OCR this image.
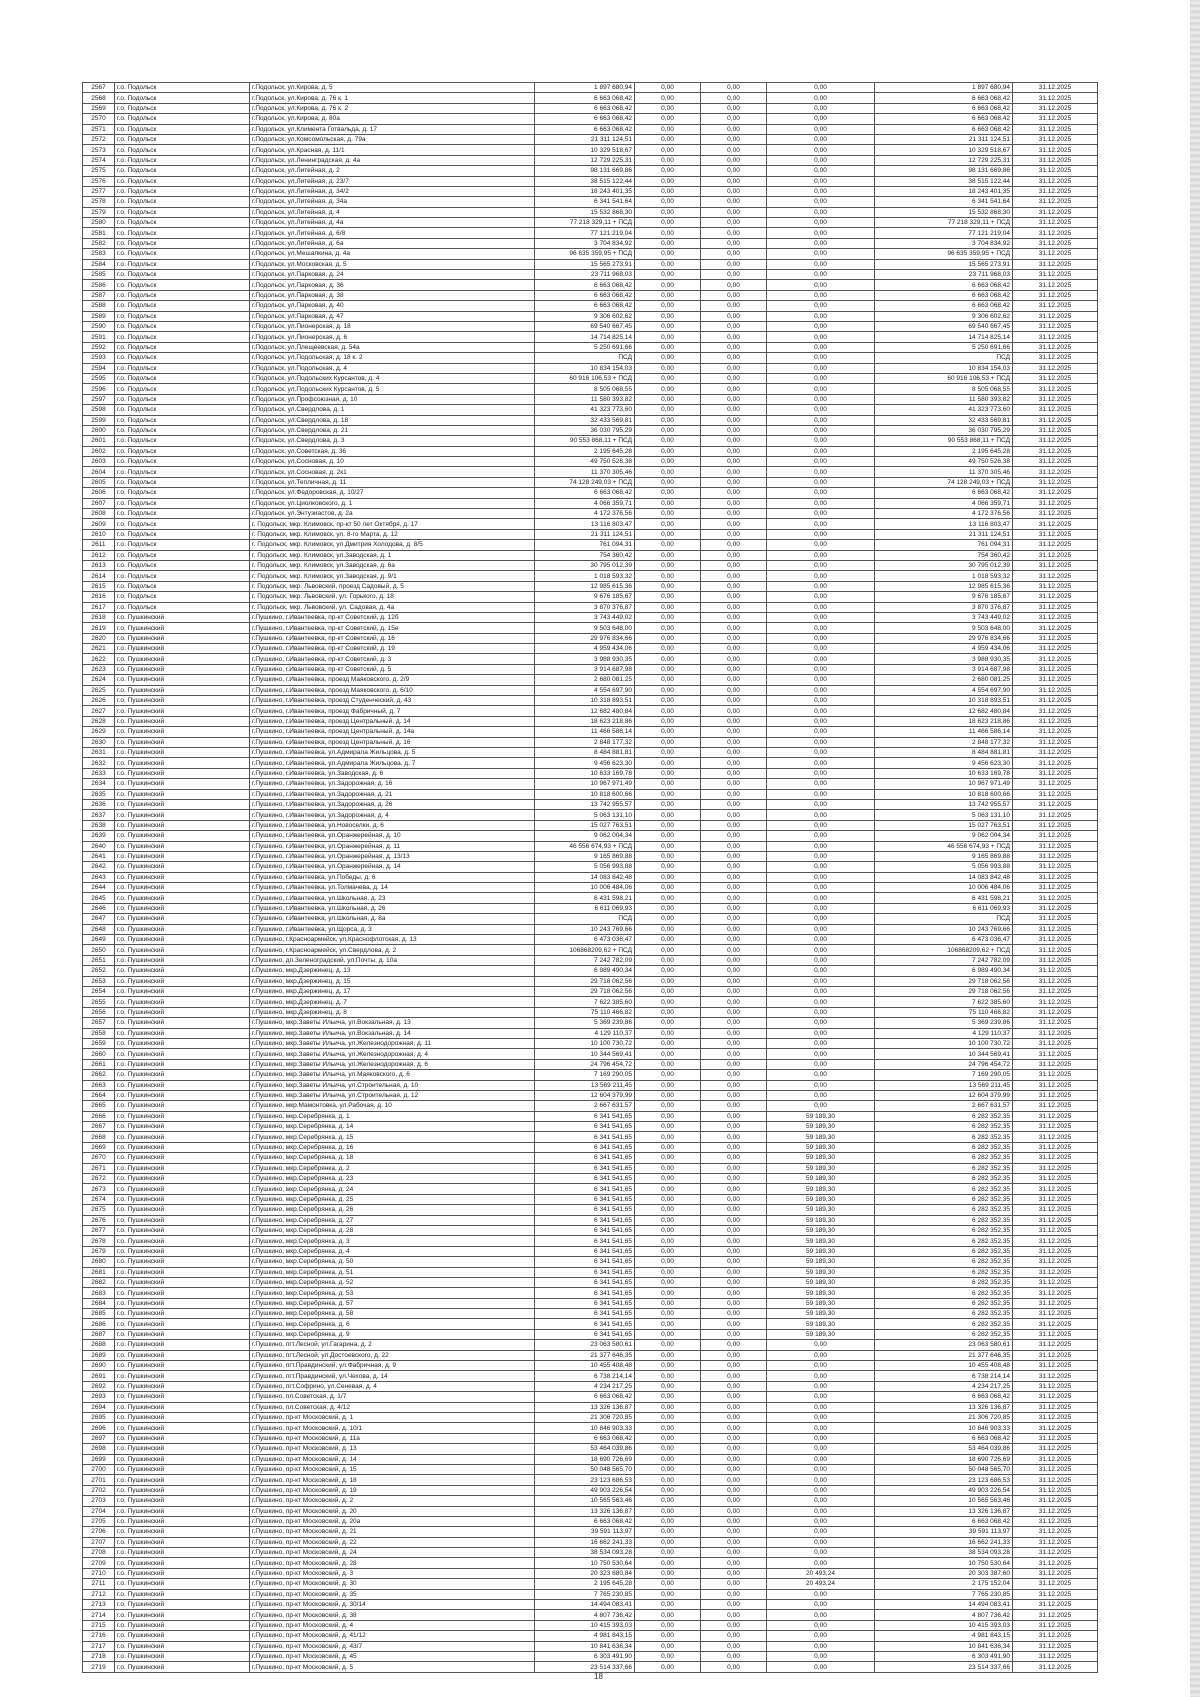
2567	г.о. Подольск	г.Подольск, ул.Кирова, д. 5	1 897 680,94	0,00	0,00	0,00	1 897 680,94	31.12.2025
2568	г.о. Подольск	г.Подольск, ул.Кирова, д. 76 к. 1	6 663 068,42	0,00	0,00	0,00	6 663 068,42	31.12.2025
2569	г.о. Подольск	г.Подольск, ул.Кирова, д. 76 к. 2	6 663 068,42	0,00	0,00	0,00	6 663 068,42	31.12.2025
2570	г.о. Подольск	г.Подольск, ул.Кирова, д. 80а	6 663 068,42	0,00	0,00	0,00	6 663 068,42	31.12.2025
2571	г.о. Подольск	г.Подольск, ул.Климента Готвальда, д. 17	6 663 068,42	0,00	0,00	0,00	6 663 068,42	31.12.2025
2572	г.о. Подольск	г.Подольск, ул.Комсомольская, д. 79а	21 311 124,51	0,00	0,00	0,00	21 311 124,51	31.12.2025
2573	г.о. Подольск	г.Подольск, ул.Красная, д. 11/1	10 329 518,67	0,00	0,00	0,00	10 329 518,67	31.12.2025
2574	г.о. Подольск	г.Подольск, ул.Ленинградская, д. 4а	12 729 225,31	0,00	0,00	0,00	12 729 225,31	31.12.2025
2575	г.о. Подольск	г.Подольск, ул.Литейная, д. 2	98 131 669,86	0,00	0,00	0,00	98 131 669,86	31.12.2025
2576	г.о. Подольск	г.Подольск, ул.Литейная, д. 23/7	38 515 122,44	0,00	0,00	0,00	38 515 122,44	31.12.2025
2577	г.о. Подольск	г.Подольск, ул.Литейная, д. 34/2	18 243 401,35	0,00	0,00	0,00	18 243 401,35	31.12.2025
2578	г.о. Подольск	г.Подольск, ул.Литейная, д. 34а	6 341 541,64	0,00	0,00	0,00	6 341 541,64	31.12.2025
2579	г.о. Подольск	г.Подольск, ул.Литейная, д. 4	15 532 868,30	0,00	0,00	0,00	15 532 868,30	31.12.2025
2580	г.о. Подольск	г.Подольск, ул.Литейная, д. 4а	77 218 329,11 + ПСД	0,00	0,00	0,00	77 218 329,11 + ПСД	31.12.2025
2581	г.о. Подольск	г.Подольск, ул.Литейная, д. 6/8	77 121 219,04	0,00	0,00	0,00	77 121 219,04	31.12.2025
2582	г.о. Подольск	г.Подольск, ул.Литейная, д. 6а	3 704 834,92	0,00	0,00	0,00	3 704 834,92	31.12.2025
2583	г.о. Подольск	г.Подольск, ул.Мешалкина, д. 4а	96 635 359,95 + ПСД	0,00	0,00	0,00	96 635 359,95 + ПСД	31.12.2025
2584	г.о. Подольск	г.Подольск, ул.Московская, д. 5	15 565 273,91	0,00	0,00	0,00	15 565 273,91	31.12.2025
2585	г.о. Подольск	г.Подольск, ул.Парковая, д. 24	23 711 968,03	0,00	0,00	0,00	23 711 968,03	31.12.2025
2586	г.о. Подольск	г.Подольск, ул.Парковая, д. 36	6 663 068,42	0,00	0,00	0,00	6 663 068,42	31.12.2025
2587	г.о. Подольск	г.Подольск, ул.Парковая, д. 38	6 663 068,42	0,00	0,00	0,00	6 663 068,42	31.12.2025
2588	г.о. Подольск	г.Подольск, ул.Парковая, д. 40	6 663 068,42	0,00	0,00	0,00	6 663 068,42	31.12.2025
2589	г.о. Подольск	г.Подольск, ул.Парковая, д. 47	9 306 602,62	0,00	0,00	0,00	9 306 602,62	31.12.2025
2590	г.о. Подольск	г.Подольск, ул.Пионерская, д. 18	69 540 667,45	0,00	0,00	0,00	69 540 667,45	31.12.2025
2591	г.о. Подольск	г.Подольск, ул.Пионерская, д. 6	14 714 825,14	0,00	0,00	0,00	14 714 825,14	31.12.2025
2592	г.о. Подольск	г.Подольск, ул.Плещеевская, д. 54а	5 250 691,66	0,00	0,00	0,00	5 250 691,66	31.12.2025
2593	г.о. Подольск	г.Подольск, ул.Подольская, д. 18 к. 2	ПСД	0,00	0,00	0,00	ПСД	31.12.2025
2594	г.о. Подольск	г.Подольск, ул.Подольская, д. 4	10 834 154,03	0,00	0,00	0,00	10 834 154,03	31.12.2025
2595	г.о. Подольск	г.Подольск, ул.Подольских Курсантов, д. 4	60 916 106,53 + ПСД	0,00	0,00	0,00	60 916 106,53 + ПСД	31.12.2025
2596	г.о. Подольск	г.Подольск, ул.Подольских Курсантов, д. 5	8 505 068,55	0,00	0,00	0,00	8 505 068,55	31.12.2025
2597	г.о. Подольск	г.Подольск, ул.Профсоюзная, д. 10	11 580 393,82	0,00	0,00	0,00	11 580 393,82	31.12.2025
2598	г.о. Подольск	г.Подольск, ул.Свердлова, д. 1	41 323 773,60	0,00	0,00	0,00	41 323 773,60	31.12.2025
2599	г.о. Подольск	г.Подольск, ул.Свердлова, д. 18	32 433 569,81	0,00	0,00	0,00	32 433 569,81	31.12.2025
2600	г.о. Подольск	г.Подольск, ул.Свердлова, д. 21	36 030 795,29	0,00	0,00	0,00	36 030 795,29	31.12.2025
2601	г.о. Подольск	г.Подольск, ул.Свердлова, д. 3	90 553 868,11 + ПСД	0,00	0,00	0,00	90 553 868,11 + ПСД	31.12.2025
2602	г.о. Подольск	г.Подольск, ул.Советская, д. 36	2 195 645,28	0,00	0,00	0,00	2 195 645,28	31.12.2025
2603	г.о. Подольск	г.Подольск, ул.Сосновая, д. 10	49 750 526,38	0,00	0,00	0,00	49 750 526,38	31.12.2025
2604	г.о. Подольск	г.Подольск, ул.Сосновая, д. 2к1	11 370 305,46	0,00	0,00	0,00	11 370 305,46	31.12.2025
2605	г.о. Подольск	г.Подольск, ул.Тепличная, д. 11	74 128 249,03 + ПСД	0,00	0,00	0,00	74 128 249,03 + ПСД	31.12.2025
2606	г.о. Подольск	г.Подольск, ул.Федоровская, д. 10/27	6 663 068,42	0,00	0,00	0,00	6 663 068,42	31.12.2025
2607	г.о. Подольск	г.Подольск, ул.Циолковского, д. 1	4 066 359,71	0,00	0,00	0,00	4 066 359,71	31.12.2025
2608	г.о. Подольск	г.Подольск, ул.Энтузиастов, д. 2а	4 172 376,56	0,00	0,00	0,00	4 172 376,56	31.12.2025
2609	г.о. Подольск	г. Подольск, мкр. Климовск, пр-кт 50 лет Октября, д. 17	13 116 803,47	0,00	0,00	0,00	13 116 803,47	31.12.2025
2610	г.о. Подольск	г. Подольск, мкр. Климовск, ул. 8-го Марта, д. 12	21 311 124,51	0,00	0,00	0,00	21 311 124,51	31.12.2025
2611	г.о. Подольск	г. Подольск, мкр. Климовск, ул.Дмитрия Холодова, д. 8/5	761 094,31	0,00	0,00	0,00	761 094,31	31.12.2025
2612	г.о. Подольск	г. Подольск, мкр. Климовск, ул.Заводская, д. 1	754 360,42	0,00	0,00	0,00	754 360,42	31.12.2025
2613	г.о. Подольск	г. Подольск, мкр. Климовск, ул.Заводская, д. 6а	30 795 012,39	0,00	0,00	0,00	30 795 012,39	31.12.2025
2614	г.о. Подольск	г. Подольск, мкр. Климовск, ул.Заводская, д. 9/1	1 018 593,32	0,00	0,00	0,00	1 018 593,32	31.12.2025
2615	г.о. Подольск	г. Подольск, мкр. Львовский, проезд Садовый, д. 5	12 985 615,36	0,00	0,00	0,00	12 985 615,36	31.12.2025
2616	г.о. Подольск	г. Подольск, мкр. Львовский, ул. Горького, д. 18	9 676 185,67	0,00	0,00	0,00	9 676 185,67	31.12.2025
2617	г.о. Подольск	г. Подольск, мкр. Львовский, ул. Садовая, д. 4а	3 870 376,87	0,00	0,00	0,00	3 870 376,87	31.12.2025
2618	г.о. Пушкинский	г.Пушкино, г.Ивантеевка, пр-кт Советский, д. 12б	3 743 449,02	0,00	0,00	0,00	3 743 449,02	31.12.2025
2619	г.о. Пушкинский	г.Пушкино, г.Ивантеевка, пр-кт Советский, д. 15е	9 503 648,00	0,00	0,00	0,00	9 503 648,00	31.12.2025
2620	г.о. Пушкинский	г.Пушкино, г.Ивантеевка, пр-кт Советский, д. 16	29 976 834,66	0,00	0,00	0,00	29 976 834,66	31.12.2025
2621	г.о. Пушкинский	г.Пушкино, г.Ивантеевка, пр-кт Советский, д. 19	4 959 434,06	0,00	0,00	0,00	4 959 434,06	31.12.2025
2622	г.о. Пушкинский	г.Пушкино, г.Ивантеевка, пр-кт Советский, д. 3	3 988 930,35	0,00	0,00	0,00	3 988 930,35	31.12.2025
2623	г.о. Пушкинский	г.Пушкино, г.Ивантеевка, пр-кт Советский, д. 5	3 914 687,98	0,00	0,00	0,00	3 914 687,98	31.12.2025
2624	г.о. Пушкинский	г.Пушкино, г.Ивантеевка, проезд Маяковского, д. 2/9	2 680 081,25	0,00	0,00	0,00	2 680 081,25	31.12.2025
2625	г.о. Пушкинский	г.Пушкино, г.Ивантеевка, проезд Маяковского, д. 6/10	4 554 697,90	0,00	0,00	0,00	4 554 697,90	31.12.2025
2626	г.о. Пушкинский	г.Пушкино, г.Ивантеевка, проезд Студенческий, д. 43	10 318 893,51	0,00	0,00	0,00	10 318 893,51	31.12.2025
2627	г.о. Пушкинский	г.Пушкино, г.Ивантеевка, проезд Фабричный, д. 7	12 682 480,84	0,00	0,00	0,00	12 682 480,84	31.12.2025
2628	г.о. Пушкинский	г.Пушкино, г.Ивантеевка, проезд Центральный, д. 14	18 623 218,86	0,00	0,00	0,00	18 623 218,86	31.12.2025
2629	г.о. Пушкинский	г.Пушкино, г.Ивантеевка, проезд Центральный, д. 14а	11 466 586,14	0,00	0,00	0,00	11 466 586,14	31.12.2025
2630	г.о. Пушкинский	г.Пушкино, г.Ивантеевка, проезд Центральный, д. 16	2 848 177,32	0,00	0,00	0,00	2 848 177,32	31.12.2025
2631	г.о. Пушкинский	г.Пушкино, г.Ивантеевка, ул.Адмирала Жильцова, д. 5	8 484 881,81	0,00	0,00	0,00	8 484 881,81	31.12.2025
2632	г.о. Пушкинский	г.Пушкино, г.Ивантеевка, ул.Адмирала Жильцова, д. 7	9 456 623,30	0,00	0,00	0,00	9 456 623,30	31.12.2025
2633	г.о. Пушкинский	г.Пушкино, г.Ивантеевка, ул.Заводская, д. 6	10 633 169,78	0,00	0,00	0,00	10 633 169,78	31.12.2025
2634	г.о. Пушкинский	г.Пушкино, г.Ивантеевка, ул.Задорожная, д. 16	10 967 971,49	0,00	0,00	0,00	10 967 971,49	31.12.2025
2635	г.о. Пушкинский	г.Пушкино, г.Ивантеевка, ул.Задорожная, д. 21	10 818 600,66	0,00	0,00	0,00	10 818 600,66	31.12.2025
2636	г.о. Пушкинский	г.Пушкино, г.Ивантеевка, ул.Задорожная, д. 26	13 742 955,57	0,00	0,00	0,00	13 742 955,57	31.12.2025
2637	г.о. Пушкинский	г.Пушкино, г.Ивантеевка, ул.Задорожная, д. 4	5 063 131,10	0,00	0,00	0,00	5 063 131,10	31.12.2025
2638	г.о. Пушкинский	г.Пушкино, г.Ивантеевка, ул.Новоселки, д. 6	15 027 763,51	0,00	0,00	0,00	15 027 763,51	31.12.2025
2639	г.о. Пушкинский	г.Пушкино, г.Ивантеевка, ул.Оранжерейная, д. 10	9 062 004,34	0,00	0,00	0,00	9 062 004,34	31.12.2025
2640	г.о. Пушкинский	г.Пушкино, г.Ивантеевка, ул.Оранжерейная, д. 11	46 556 674,93 + ПСД	0,00	0,00	0,00	46 556 674,93 + ПСД	31.12.2025
2641	г.о. Пушкинский	г.Пушкино, г.Ивантеевка, ул.Оранжерейная, д. 13/13	9 165 869,88	0,00	0,00	0,00	9 165 869,88	31.12.2025
2642	г.о. Пушкинский	г.Пушкино, г.Ивантеевка, ул.Оранжерейная, д. 14	5 056 993,88	0,00	0,00	0,00	5 056 993,88	31.12.2025
2643	г.о. Пушкинский	г.Пушкино, г.Ивантеевка, ул.Победы, д. 6	14 083 842,48	0,00	0,00	0,00	14 083 842,48	31.12.2025
2644	г.о. Пушкинский	г.Пушкино, г.Ивантеевка, ул.Толмачева, д. 14	10 006 484,06	0,00	0,00	0,00	10 006 484,06	31.12.2025
2645	г.о. Пушкинский	г.Пушкино, г.Ивантеевка, ул.Школьная, д. 23	6 431 598,21	0,00	0,00	0,00	6 431 598,21	31.12.2025
2646	г.о. Пушкинский	г.Пушкино, г.Ивантеевка, ул.Школьная, д. 26	6 611 069,93	0,00	0,00	0,00	6 611 069,93	31.12.2025
2647	г.о. Пушкинский	г.Пушкино, г.Ивантеевка, ул.Школьная, д. 8а	ПСД	0,00	0,00	0,00	ПСД	31.12.2025
2648	г.о. Пушкинский	г.Пушкино, г.Ивантеевка, ул.Щорса, д. 3	10 243 769,66	0,00	0,00	0,00	10 243 769,66	31.12.2025
2649	г.о. Пушкинский	г.Пушкино, г.Красноармейск, ул.Краснофлотская, д. 13	6 473 036,47	0,00	0,00	0,00	6 473 036,47	31.12.2025
2650	г.о. Пушкинский	г.Пушкино, г.Красноармейск, ул.Свердлова, д. 2	106868209,62 + ПСД	0,00	0,00	0,00	106868209,62 + ПСД	31.12.2025
2651	г.о. Пушкинский	г.Пушкино, дп.Зеленоградский, ул.Почты, д. 10а	7 242 782,09	0,00	0,00	0,00	7 242 782,09	31.12.2025
2652	г.о. Пушкинский	г.Пушкино, мкр.Дзержинец, д. 13	6 989 490,34	0,00	0,00	0,00	6 989 490,34	31.12.2025
2653	г.о. Пушкинский	г.Пушкино, мкр.Дзержинец, д. 15	29 718 062,56	0,00	0,00	0,00	29 718 062,56	31.12.2025
2654	г.о. Пушкинский	г.Пушкино, мкр.Дзержинец, д. 17	29 718 062,56	0,00	0,00	0,00	29 718 062,56	31.12.2025
2655	г.о. Пушкинский	г.Пушкино, мкр.Дзержинец, д. 7	7 622 385,60	0,00	0,00	0,00	7 622 385,60	31.12.2025
2656	г.о. Пушкинский	г.Пушкино, мкр.Дзержинец, д. 8	75 110 466,82	0,00	0,00	0,00	75 110 466,82	31.12.2025
2657	г.о. Пушкинский	г.Пушкино, мкр.Заветы Ильича, ул.Вокзальная, д. 13	5 369 239,86	0,00	0,00	0,00	5 369 239,86	31.12.2025
2658	г.о. Пушкинский	г.Пушкино, мкр.Заветы Ильича, ул.Вокзальная, д. 14	4 129 110,37	0,00	0,00	0,00	4 129 110,37	31.12.2025
2659	г.о. Пушкинский	г.Пушкино, мкр.Заветы Ильича, ул.Железнодорожная, д. 11	10 100 730,72	0,00	0,00	0,00	10 100 730,72	31.12.2025
2660	г.о. Пушкинский	г.Пушкино, мкр.Заветы Ильича, ул.Железнодорожная, д. 4	10 344 569,41	0,00	0,00	0,00	10 344 569,41	31.12.2025
2661	г.о. Пушкинский	г.Пушкино, мкр.Заветы Ильича, ул.Железнодорожная, д. 6	24 796 454,72	0,00	0,00	0,00	24 796 454,72	31.12.2025
2662	г.о. Пушкинский	г.Пушкино, мкр.Заветы Ильича, ул.Маяковского, д. 6	7 169 290,05	0,00	0,00	0,00	7 169 290,05	31.12.2025
2663	г.о. Пушкинский	г.Пушкино, мкр.Заветы Ильича, ул.Строительная, д. 10	13 569 211,45	0,00	0,00	0,00	13 569 211,45	31.12.2025
2664	г.о. Пушкинский	г.Пушкино, мкр.Заветы Ильича, ул.Строительная, д. 12	12 604 379,99	0,00	0,00	0,00	12 604 379,99	31.12.2025
2665	г.о. Пушкинский	г.Пушкино, мкр.Мамонтовка, ул.Рабочая, д. 10	2 667 631,57	0,00	0,00	0,00	2 667 631,57	31.12.2025
2666	г.о. Пушкинский	г.Пушкино, мкр.Серебрянка, д. 1	6 341 541,65	0,00	0,00	59 189,30	6 282 352,35	31.12.2025
2667	г.о. Пушкинский	г.Пушкино, мкр.Серебрянка, д. 14	6 341 541,65	0,00	0,00	59 189,30	6 282 352,35	31.12.2025
2668	г.о. Пушкинский	г.Пушкино, мкр.Серебрянка, д. 15	6 341 541,65	0,00	0,00	59 189,30	6 282 352,35	31.12.2025
2669	г.о. Пушкинский	г.Пушкино, мкр.Серебрянка, д. 16	6 341 541,65	0,00	0,00	59 189,30	6 282 352,35	31.12.2025
2670	г.о. Пушкинский	г.Пушкино, мкр.Серебрянка, д. 18	6 341 541,65	0,00	0,00	59 189,30	6 282 352,35	31.12.2025
2671	г.о. Пушкинский	г.Пушкино, мкр.Серебрянка, д. 2	6 341 541,65	0,00	0,00	59 189,30	6 282 352,35	31.12.2025
2672	г.о. Пушкинский	г.Пушкино, мкр.Серебрянка, д. 23	6 341 541,65	0,00	0,00	59 189,30	6 282 352,35	31.12.2025
2673	г.о. Пушкинский	г.Пушкино, мкр.Серебрянка, д. 24	6 341 541,65	0,00	0,00	59 189,30	6 282 352,35	31.12.2025
2674	г.о. Пушкинский	г.Пушкино, мкр.Серебрянка, д. 25	6 341 541,65	0,00	0,00	59 189,30	6 282 352,35	31.12.2025
2675	г.о. Пушкинский	г.Пушкино, мкр.Серебрянка, д. 26	6 341 541,65	0,00	0,00	59 189,30	6 282 352,35	31.12.2025
2676	г.о. Пушкинский	г.Пушкино, мкр.Серебрянка, д. 27	6 341 541,65	0,00	0,00	59 189,30	6 282 352,35	31.12.2025
2677	г.о. Пушкинский	г.Пушкино, мкр.Серебрянка, д. 28	6 341 541,65	0,00	0,00	59 189,30	6 282 352,35	31.12.2025
2678	г.о. Пушкинский	г.Пушкино, мкр.Серебрянка, д. 3	6 341 541,65	0,00	0,00	59 189,30	6 282 352,35	31.12.2025
2679	г.о. Пушкинский	г.Пушкино, мкр.Серебрянка, д. 4	6 341 541,65	0,00	0,00	59 189,30	6 282 352,35	31.12.2025
2680	г.о. Пушкинский	г.Пушкино, мкр.Серебрянка, д. 50	6 341 541,65	0,00	0,00	59 189,30	6 282 352,35	31.12.2025
2681	г.о. Пушкинский	г.Пушкино, мкр.Серебрянка, д. 51	6 341 541,65	0,00	0,00	59 189,30	6 282 352,35	31.12.2025
2682	г.о. Пушкинский	г.Пушкино, мкр.Серебрянка, д. 52	6 341 541,65	0,00	0,00	59 189,30	6 282 352,35	31.12.2025
2683	г.о. Пушкинский	г.Пушкино, мкр.Серебрянка, д. 53	6 341 541,65	0,00	0,00	59 189,30	6 282 352,35	31.12.2025
2684	г.о. Пушкинский	г.Пушкино, мкр.Серебрянка, д. 57	6 341 541,65	0,00	0,00	59 189,30	6 282 352,35	31.12.2025
2685	г.о. Пушкинский	г.Пушкино, мкр.Серебрянка, д. 58	6 341 541,65	0,00	0,00	59 189,30	6 282 352,35	31.12.2025
2686	г.о. Пушкинский	г.Пушкино, мкр.Серебрянка, д. 6	6 341 541,65	0,00	0,00	59 189,30	6 282 352,35	31.12.2025
2687	г.о. Пушкинский	г.Пушкино, мкр.Серебрянка, д. 9	6 341 541,65	0,00	0,00	59 189,30	6 282 352,35	31.12.2025
2688	г.о. Пушкинский	г.Пушкино, пгт.Лесной, ул.Гагарина, д. 2	23 063 580,61	0,00	0,00	0,00	23 063 580,61	31.12.2025
2689	г.о. Пушкинский	г.Пушкино, пгт.Лесной, ул.Достоевского, д. 22	21 377 646,35	0,00	0,00	0,00	21 377 646,35	31.12.2025
2690	г.о. Пушкинский	г.Пушкино, пгт.Правдинский, ул.Фабричная, д. 9	10 455 408,48	0,00	0,00	0,00	10 455 408,48	31.12.2025
2691	г.о. Пушкинский	г.Пушкино, пгт.Правдинский, ул.Чехова, д. 14	6 738 214,14	0,00	0,00	0,00	6 738 214,14	31.12.2025
2692	г.о. Пушкинский	г.Пушкино, пгт.Софрино, ул.Сеневая, д. 4	4 234 217,25	0,00	0,00	0,00	4 234 217,25	31.12.2025
2693	г.о. Пушкинский	г.Пушкино, пл.Советская, д. 1/7	6 663 068,42	0,00	0,00	0,00	6 663 068,42	31.12.2025
2694	г.о. Пушкинский	г.Пушкино, пл.Советская, д. 4/12	13 326 136,87	0,00	0,00	0,00	13 326 136,87	31.12.2025
2695	г.о. Пушкинский	г.Пушкино, пр-кт Московский, д. 1	21 306 720,85	0,00	0,00	0,00	21 306 720,85	31.12.2025
2696	г.о. Пушкинский	г.Пушкино, пр-кт Московский, д. 10/1	10 846 903,33	0,00	0,00	0,00	10 846 903,33	31.12.2025
2697	г.о. Пушкинский	г.Пушкино, пр-кт Московский, д. 11а	6 663 068,42	0,00	0,00	0,00	6 663 068,42	31.12.2025
2698	г.о. Пушкинский	г.Пушкино, пр-кт Московский, д. 13	53 464 039,86	0,00	0,00	0,00	53 464 039,86	31.12.2025
2699	г.о. Пушкинский	г.Пушкино, пр-кт Московский, д. 14	18 690 726,69	0,00	0,00	0,00	18 690 726,69	31.12.2025
2700	г.о. Пушкинский	г.Пушкино, пр-кт Московский, д. 15	50 048 565,70	0,00	0,00	0,00	50 048 565,70	31.12.2025
2701	г.о. Пушкинский	г.Пушкино, пр-кт Московский, д. 18	23 123 686,53	0,00	0,00	0,00	23 123 686,53	31.12.2025
2702	г.о. Пушкинский	г.Пушкино, пр-кт Московский, д. 19	49 903 226,54	0,00	0,00	0,00	49 903 226,54	31.12.2025
2703	г.о. Пушкинский	г.Пушкино, пр-кт Московский, д. 2	10 565 563,46	0,00	0,00	0,00	10 565 563,46	31.12.2025
2704	г.о. Пушкинский	г.Пушкино, пр-кт Московский, д. 20	13 326 136,87	0,00	0,00	0,00	13 326 136,87	31.12.2025
2705	г.о. Пушкинский	г.Пушкино, пр-кт Московский, д. 20а	6 663 068,42	0,00	0,00	0,00	6 663 068,42	31.12.2025
2706	г.о. Пушкинский	г.Пушкино, пр-кт Московский, д. 21	39 591 113,97	0,00	0,00	0,00	39 591 113,97	31.12.2025
2707	г.о. Пушкинский	г.Пушкино, пр-кт Московский, д. 22	16 662 241,33	0,00	0,00	0,00	16 662 241,33	31.12.2025
2708	г.о. Пушкинский	г.Пушкино, пр-кт Московский, д. 24	38 534 093,28	0,00	0,00	0,00	38 534 093,28	31.12.2025
2709	г.о. Пушкинский	г.Пушкино, пр-кт Московский, д. 28	10 750 530,64	0,00	0,00	0,00	10 750 530,64	31.12.2025
2710	г.о. Пушкинский	г.Пушкино, пр-кт Московский, д. 3	20 323 880,84	0,00	0,00	20 493,24	20 303 387,60	31.12.2025
2711	г.о. Пушкинский	г.Пушкино, пр-кт Московский, д. 30	2 195 645,28	0,00	0,00	20 493,24	2 175 152,04	31.12.2025
2712	г.о. Пушкинский	г.Пушкино, пр-кт Московский, д. 35	7 765 230,85	0,00	0,00	0,00	7 765 230,85	31.12.2025
2713	г.о. Пушкинский	г.Пушкино, пр-кт Московский, д. 30/14	14 494 083,41	0,00	0,00	0,00	14 494 083,41	31.12.2025
2714	г.о. Пушкинский	г.Пушкино, пр-кт Московский, д. 38	4 807 736,42	0,00	0,00	0,00	4 807 736,42	31.12.2025
2715	г.о. Пушкинский	г.Пушкино, пр-кт Московский, д. 4	10 415 393,03	0,00	0,00	0,00	10 415 393,03	31.12.2025
2716	г.о. Пушкинский	г.Пушкино, пр-кт Московский, д. 41/12	4 981 843,15	0,00	0,00	0,00	4 981 843,15	31.12.2025
2717	г.о. Пушкинский	г.Пушкино, пр-кт Московский, д. 43/7	10 841 636,34	0,00	0,00	0,00	10 841 636,34	31.12.2025
2718	г.о. Пушкинский	г.Пушкино, пр-кт Московский, д. 45	6 303 491,90	0,00	0,00	0,00	6 303 491,90	31.12.2025
2719	г.о. Пушкинский	г.Пушкино, пр-кт Московский, д. 5	23 514 337,66	0,00	0,00	0,00	23 514 337,66	31.12.2025
18
